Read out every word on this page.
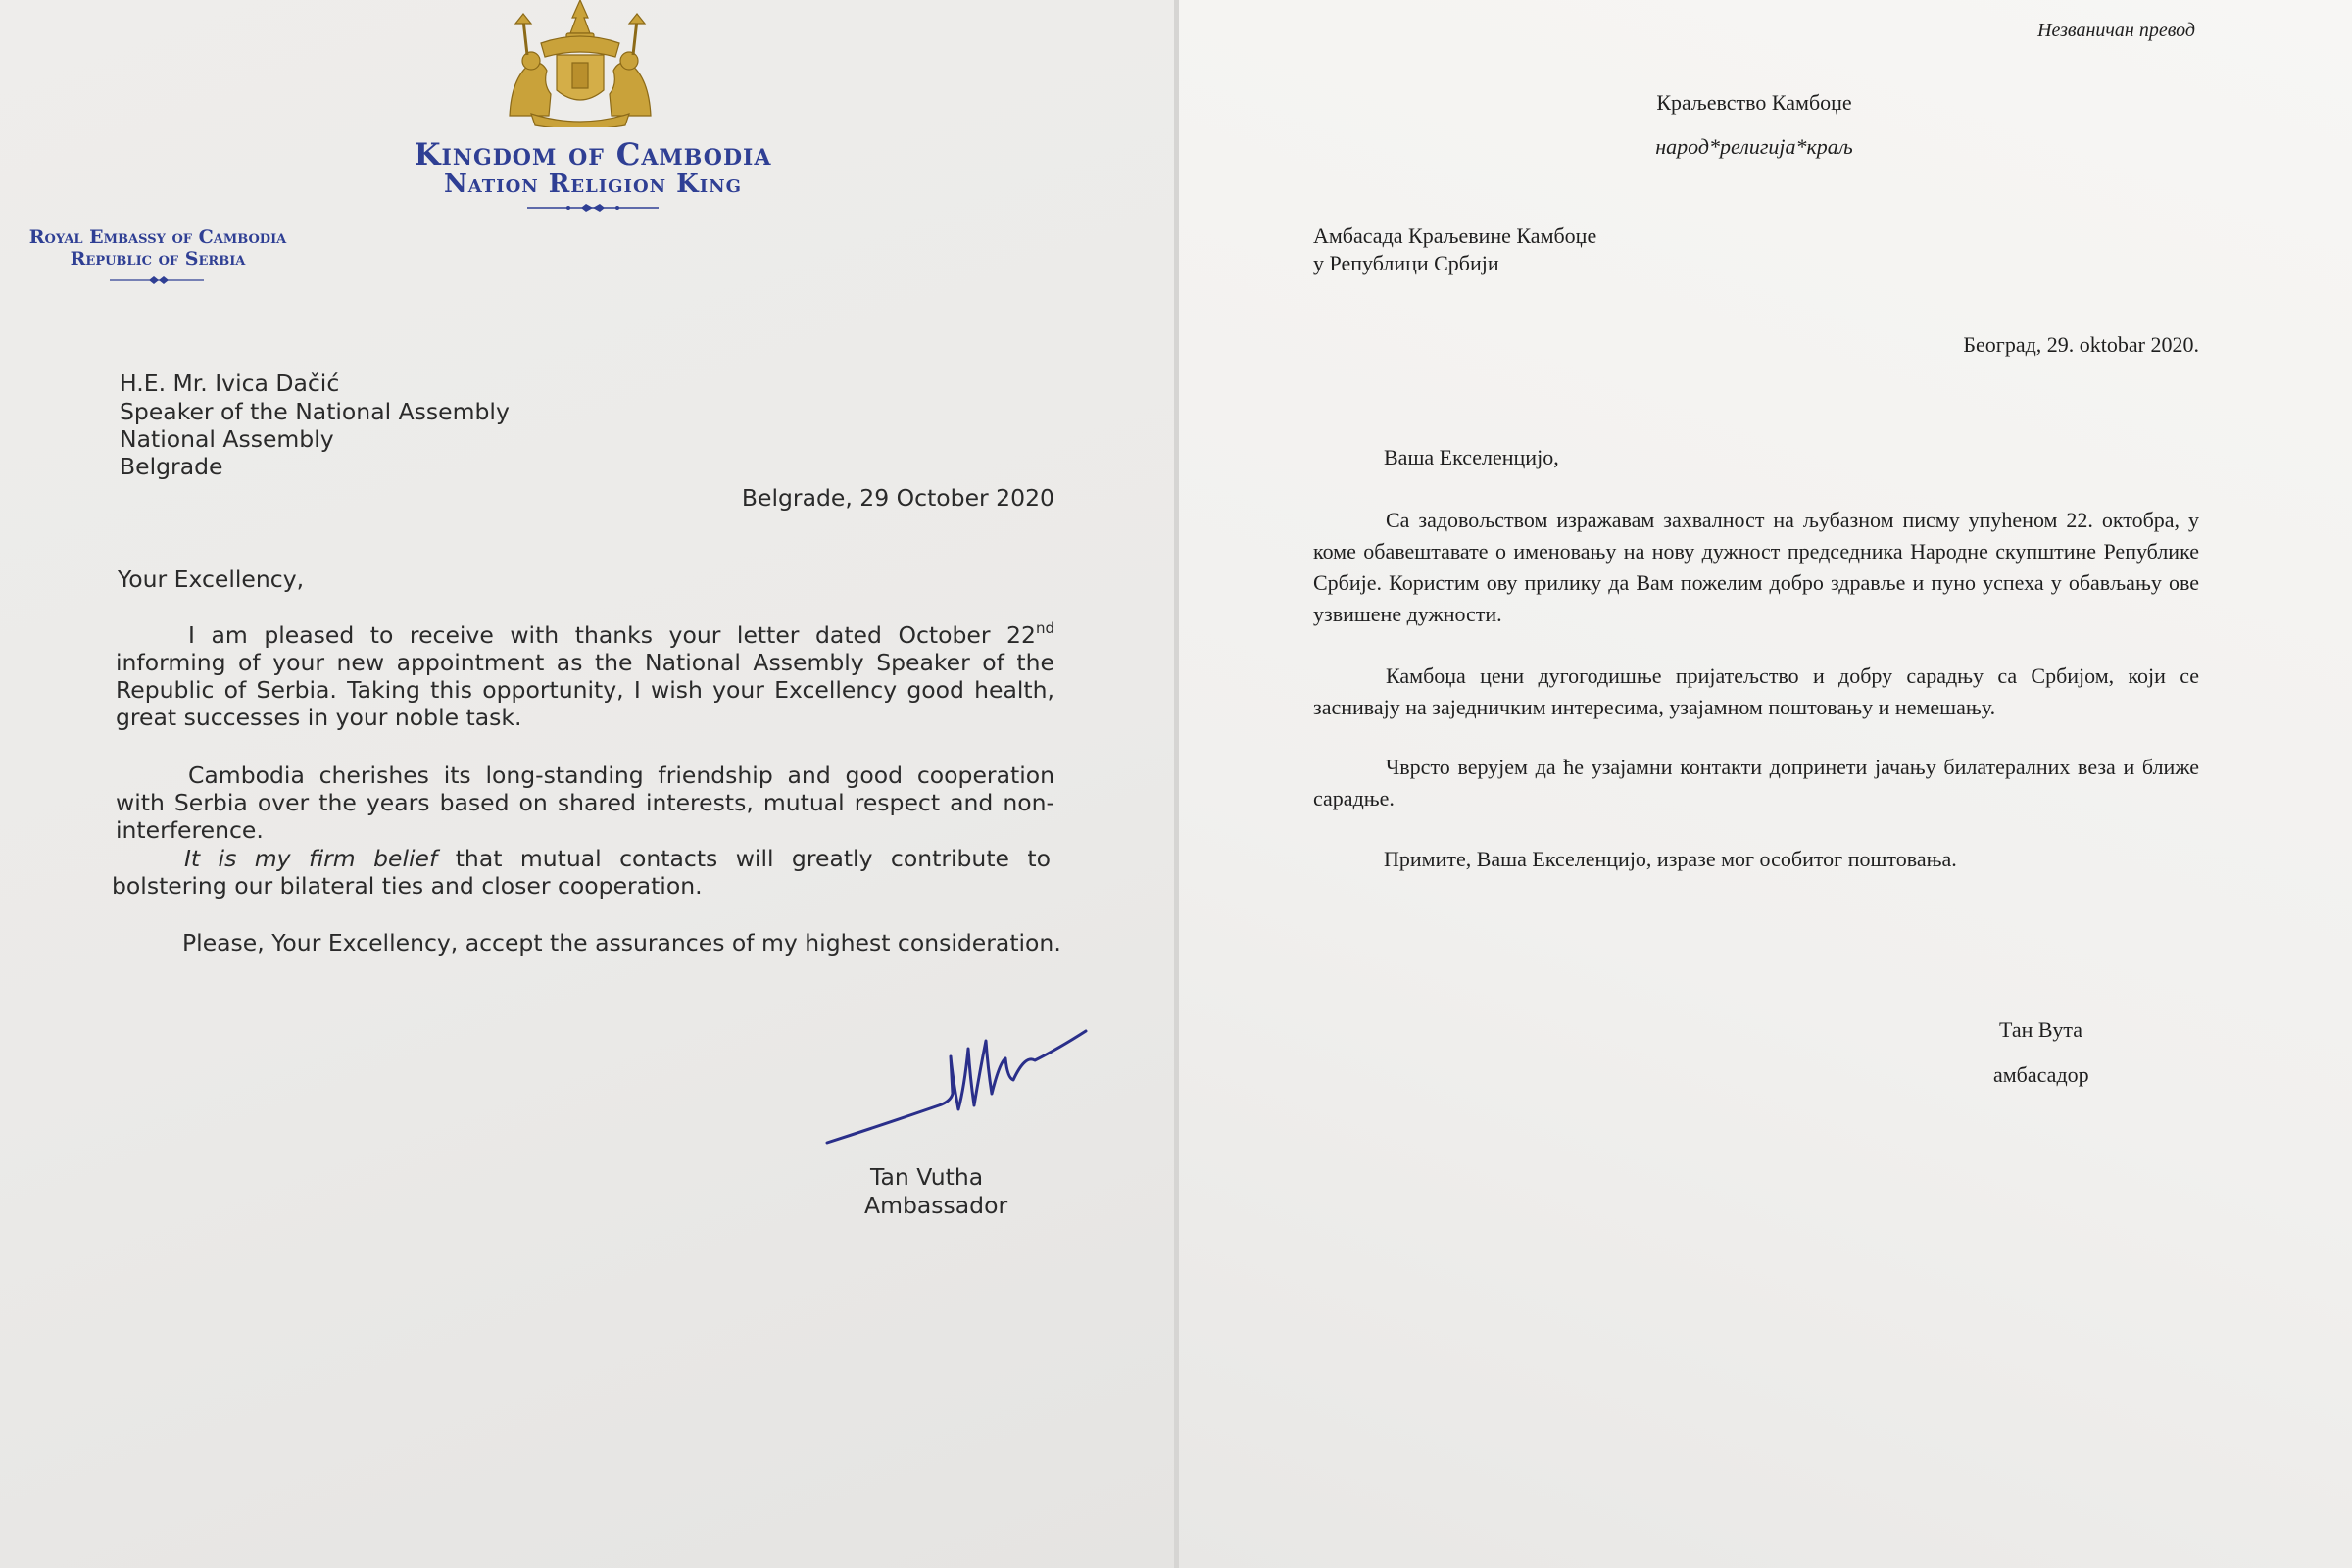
Kingdom of Cambodia

Nation Religion King

Royal Embassy of Cambodia

Republic of Serbia

H.E. Mr. Ivica Dačić

Speaker of the National Assembly

National Assembly

Belgrade

Belgrade, 29 October 2020

Your Excellency,

I am pleased to receive with thanks your letter dated October 22nd informing of your new appointment as the National Assembly Speaker of the Republic of Serbia. Taking this opportunity, I wish your Excellency good health, great successes in your noble task.

Cambodia cherishes its long-standing friendship and good cooperation with Serbia over the years based on shared interests, mutual respect and non-interference.

It is my firm belief that mutual contacts will greatly contribute to bolstering our bilateral ties and closer cooperation.

Please, Your Excellency, accept the assurances of my highest consideration.

Tan Vutha

Ambassador

Незваничан превод

Краљевство Камбоџе

народ*религија*краљ

Амбасада Краљевине Камбоџе

у Републици Србији

Београд, 29. oktobar 2020.

Ваша Екселенцијо,

Са задовољством изражавам захвалност на љубазном писму упућеном 22. октобра, у коме обавештавате о именовању на нову дужност председника Народне скупштине Републике Србије. Користим ову прилику да Вам пожелим добро здравље и пуно успеха у обављању ове узвишене дужности.

Камбоџа цени дугогодишње пријатељство и добру сарадњу са Србијом, који се заснивају на заједничким интересима, узајамном поштовању и немешању.

Чврсто верујем да ће узајамни контакти допринети јачању билатералних веза и ближе сарадње.

Примите, Ваша Екселенцијо, изразе мог особитог поштовања.

Тан Вута

амбасадор
